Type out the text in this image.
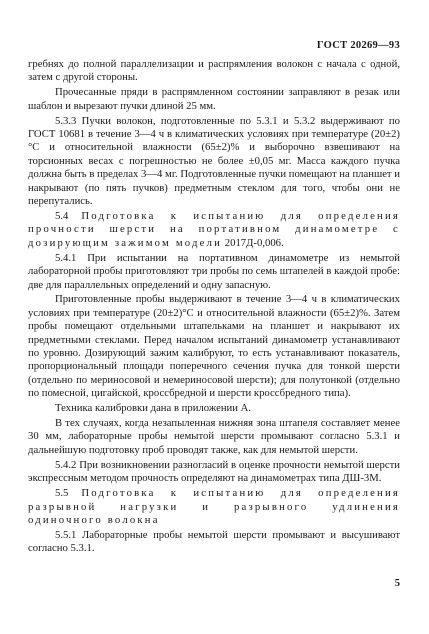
ГОСТ 20269—93

гребнях до полной параллелизации и распрямления волокон с начала с одной, затем с другой стороны.

Прочесанные пряди в распрямленном состоянии заправляют в резак или шаблон и вырезают пучки длиной 25 мм.

5.3.3 Пучки волокон, подготовленные по 5.3.1 и 5.3.2 выдерживают по ГОСТ 10681 в течение 3—4 ч в климатических условиях при температуре (20±2)°С и относительной влажности (65±2)% и выборочно взвешивают на торсионных весах с погрешностью не более ±0,05 мг. Масса каждого пучка должна быть в пределах 3—4 мг. Подготовленные пучки помещают на планшет и накрывают (по пять пучков) предметным стеклом для того, чтобы они не перепутались.

5.4 Подготовка к испытанию для определения прочности шерсти на портативном динамометре с дозирующим зажимом модели 2017Д-0,006.

5.4.1 При испытании на портативном динамометре из немытой лабораторной пробы приготовляют три пробы по семь штапелей в каждой пробе: две для параллельных определений и одну запасную.

Приготовленные пробы выдерживают в течение 3—4 ч в климатических условиях при температуре (20±2)°С и относительной влажности (65±2)%. Затем пробы помещают отдельными штапельками на планшет и накрывают их предметными стеклами. Перед началом испытаний динамометр устанавливают по уровню. Дозирующий зажим калибруют, то есть устанавливают показатель, пропорциональный площади поперечного сечения пучка для тонкой шерсти (отдельно по мериносовой и немериносовой шерсти); для полутонкой (отдельно по помесной, цигайской, кроссбредной и шерсти кроссбредного типа).

Техника калибровки дана в приложении А.

В тех случаях, когда незапыленная нижняя зона штапеля составляет менее 30 мм, лабораторные пробы немытой шерсти промывают согласно 5.3.1 и дальнейшую подготовку проб проводят также, как для немытой шерсти.

5.4.2 При возникновении разногласий в оценке прочности немытой шерсти экспрессным методом прочность определяют на динамометрах типа ДШ-3М.

5.5 Подготовка к испытанию для определения разрывной нагрузки и разрывного удлинения одиночного волокна

5.5.1 Лабораторные пробы немытой шерсти промывают и высушивают согласно 5.3.1.

5
